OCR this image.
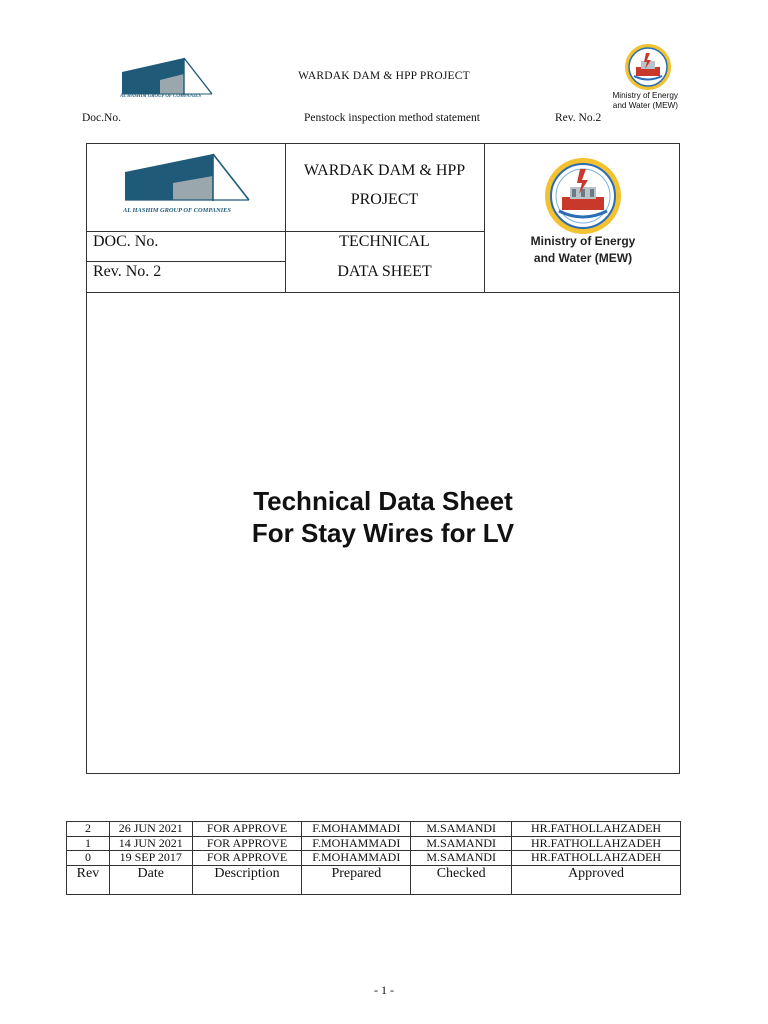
AL HASHIM GROUP OF COMPANIES
WARDAK DAM & HPP PROJECT
Ministry of Energy
and Water (MEW)
Doc.No.	Penstock inspection method statement	Rev. No.2
AL HASHIM GROUP OF COMPANIES
WARDAK DAM & HPP
PROJECT
DOC. No.
Rev. No. 2
TECHNICAL
DATA SHEET
Ministry of Energy
and Water (MEW)
Technical Data Sheet
For Stay Wires for LV
2	26 JUN 2021	FOR APPROVE	F.MOHAMMADI	M.SAMANDI	HR.FATHOLLAHZADEH
1	14 JUN 2021	FOR APPROVE	F.MOHAMMADI	M.SAMANDI	HR.FATHOLLAHZADEH
0	19 SEP 2017	FOR APPROVE	F.MOHAMMADI	M.SAMANDI	HR.FATHOLLAHZADEH
Rev	Date	Description	Prepared	Checked	Approved
- 1 -
